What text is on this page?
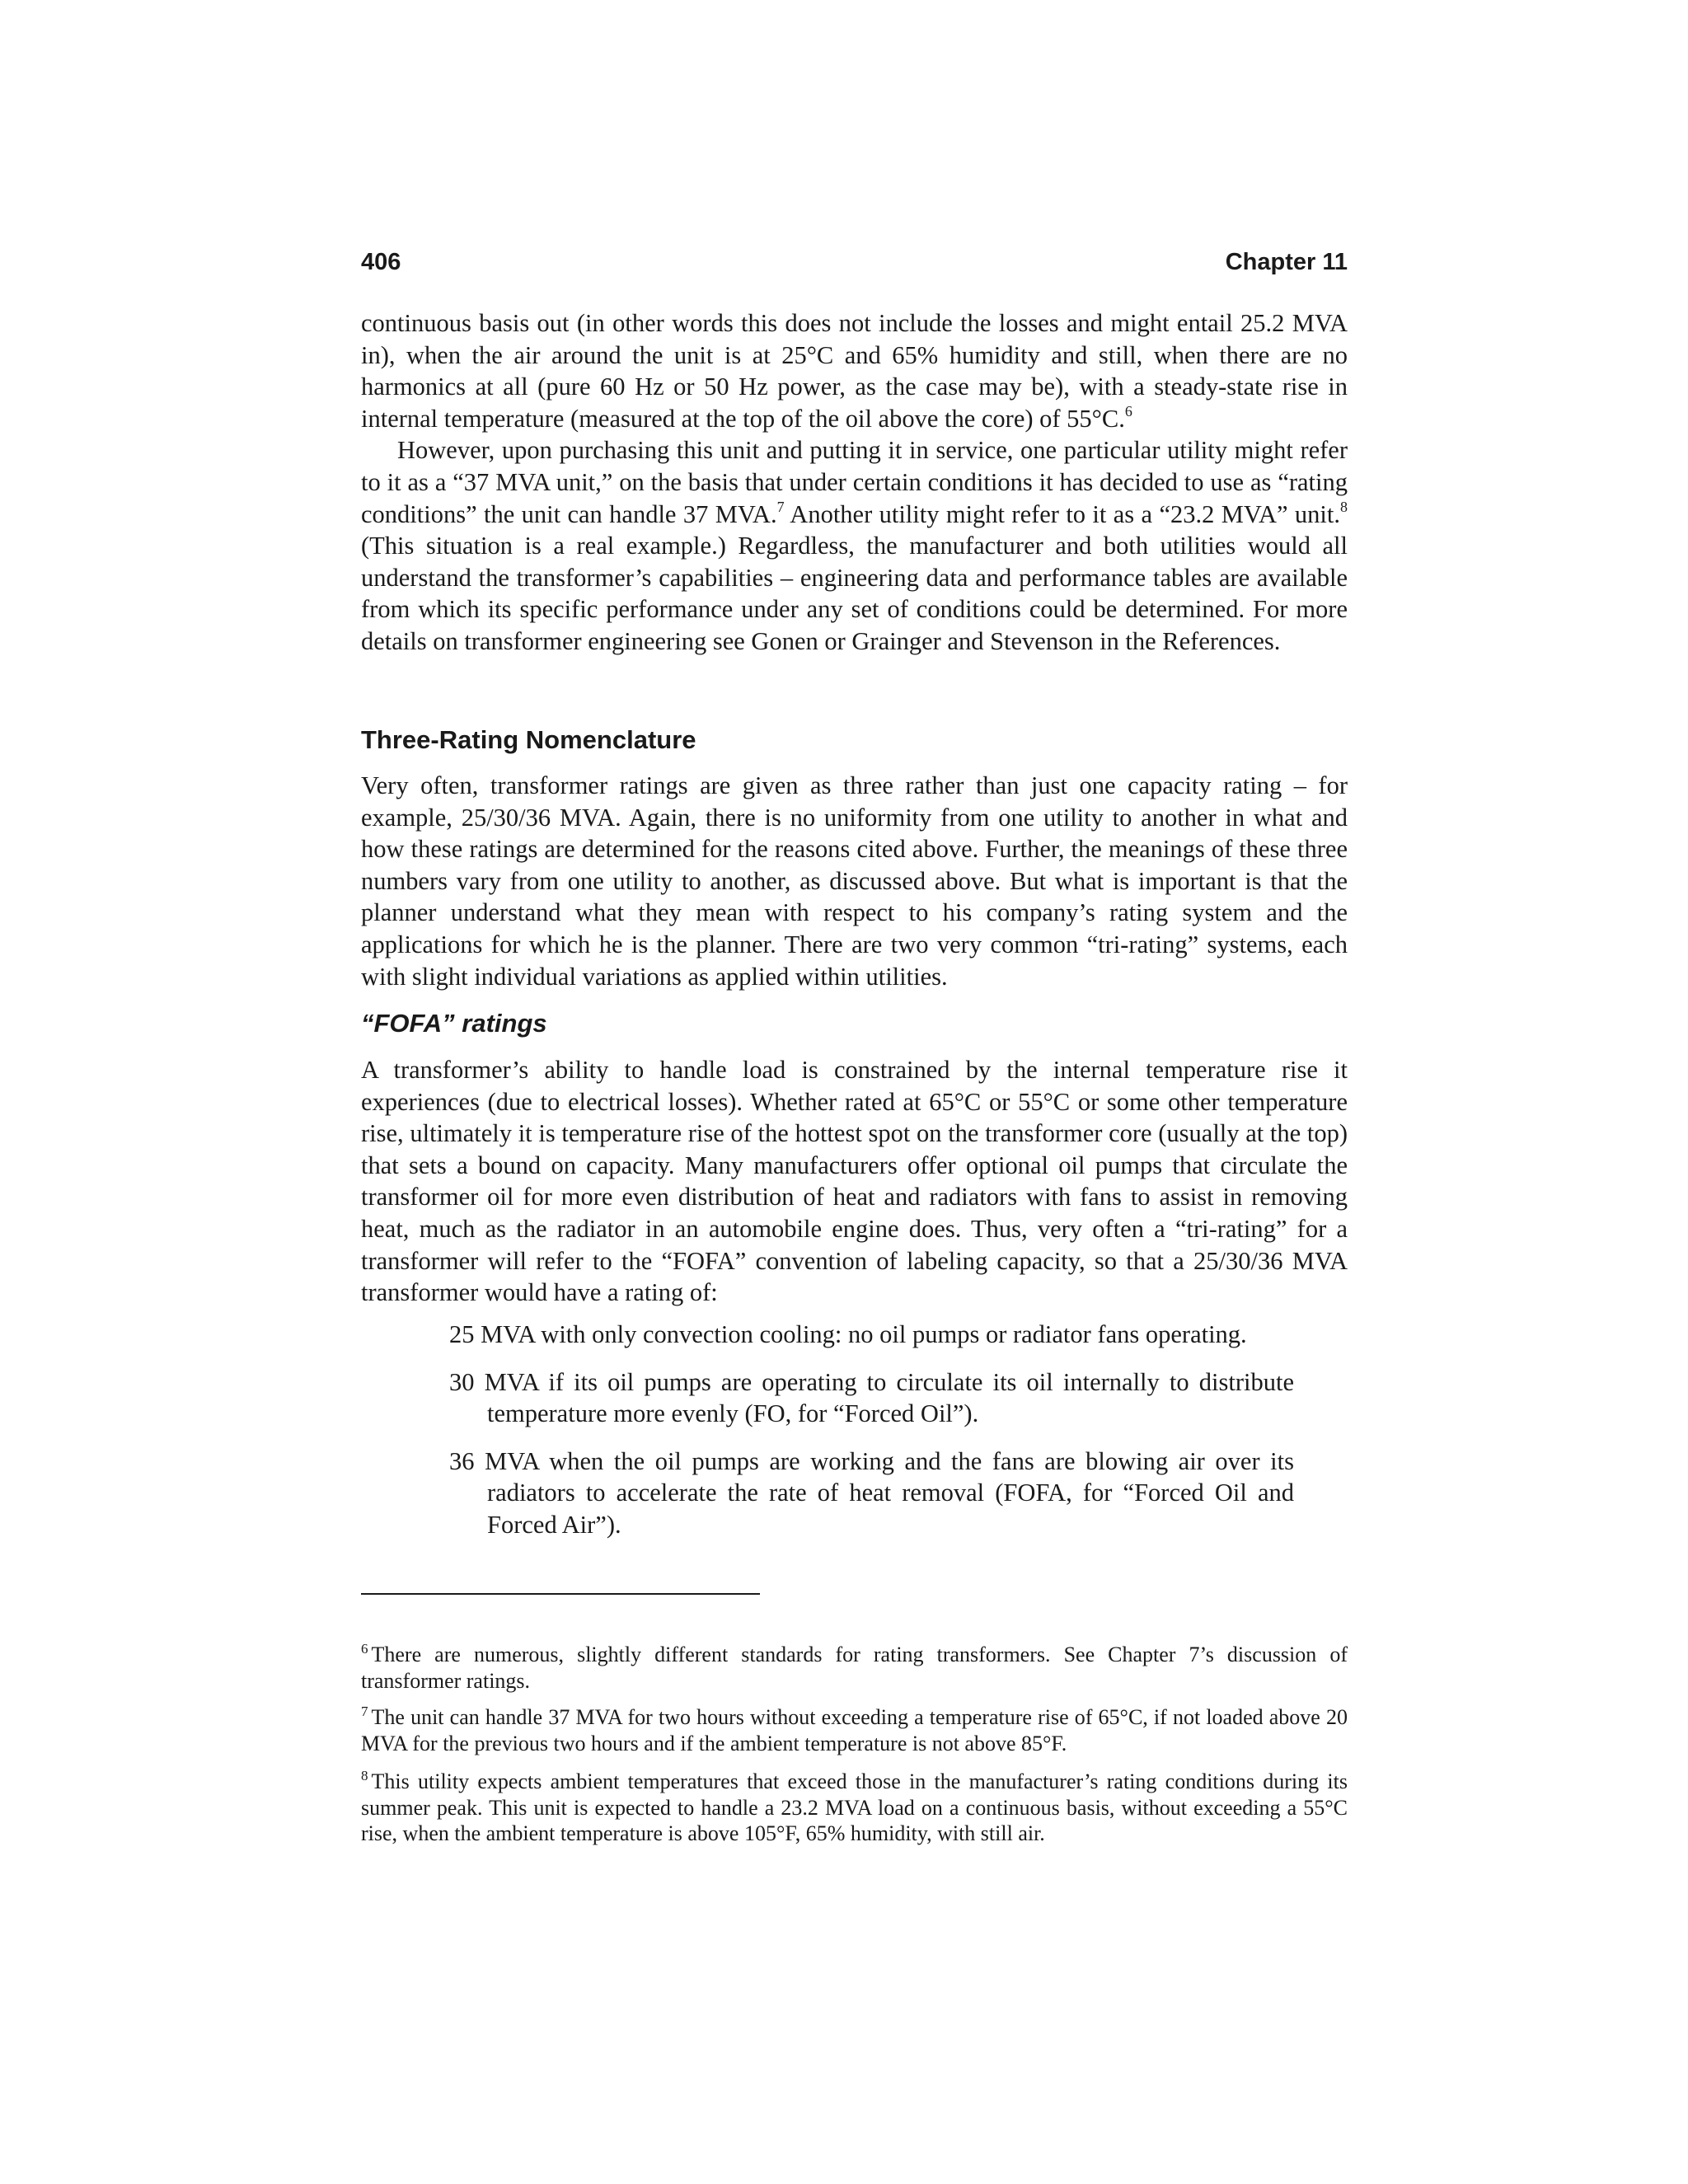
406	Chapter 11

continuous basis out (in other words this does not include the losses and might entail 25.2 MVA in), when the air around the unit is at 25°C and 65% humidity and still, when there are no harmonics at all (pure 60 Hz or 50 Hz power, as the case may be), with a steady-state rise in internal temperature (measured at the top of the oil above the core) of 55°C.$^6$

However, upon purchasing this unit and putting it in service, one particular utility might refer to it as a “37 MVA unit,” on the basis that under certain conditions it has decided to use as “rating conditions” the unit can handle 37 MVA.$^7$ Another utility might refer to it as a “23.2 MVA” unit.$^8$ (This situation is a real example.) Regardless, the manufacturer and both utilities would all understand the transformer’s capabilities – engineering data and performance tables are available from which its specific performance under any set of conditions could be determined. For more details on transformer engineering see Gonen or Grainger and Stevenson in the References.

Three-Rating Nomenclature

Very often, transformer ratings are given as three rather than just one capacity rating – for example, 25/30/36 MVA. Again, there is no uniformity from one utility to another in what and how these ratings are determined for the reasons cited above. Further, the meanings of these three numbers vary from one utility to another, as discussed above. But what is important is that the planner understand what they mean with respect to his company’s rating system and the applications for which he is the planner. There are two very common “tri-rating” systems, each with slight individual variations as applied within utilities.

“FOFA” ratings

A transformer’s ability to handle load is constrained by the internal temperature rise it experiences (due to electrical losses). Whether rated at 65°C or 55°C or some other temperature rise, ultimately it is temperature rise of the hottest spot on the transformer core (usually at the top) that sets a bound on capacity. Many manufacturers offer optional oil pumps that circulate the transformer oil for more even distribution of heat and radiators with fans to assist in removing heat, much as the radiator in an automobile engine does. Thus, very often a “tri-rating” for a transformer will refer to the “FOFA” convention of labeling capacity, so that a 25/30/36 MVA transformer would have a rating of:

25 MVA with only convection cooling: no oil pumps or radiator fans operating.
30 MVA if its oil pumps are operating to circulate its oil internally to distribute temperature more evenly (FO, for “Forced Oil”).
36 MVA when the oil pumps are working and the fans are blowing air over its radiators to accelerate the rate of heat removal (FOFA, for “Forced Oil and Forced Air”).
$^6$ There are numerous, slightly different standards for rating transformers. See Chapter 7’s discussion of transformer ratings.
$^7$ The unit can handle 37 MVA for two hours without exceeding a temperature rise of 65°C, if not loaded above 20 MVA for the previous two hours and if the ambient temperature is not above 85°F.
$^8$ This utility expects ambient temperatures that exceed those in the manufacturer’s rating conditions during its summer peak. This unit is expected to handle a 23.2 MVA load on a continuous basis, without exceeding a 55°C rise, when the ambient temperature is above 105°F, 65% humidity, with still air.
